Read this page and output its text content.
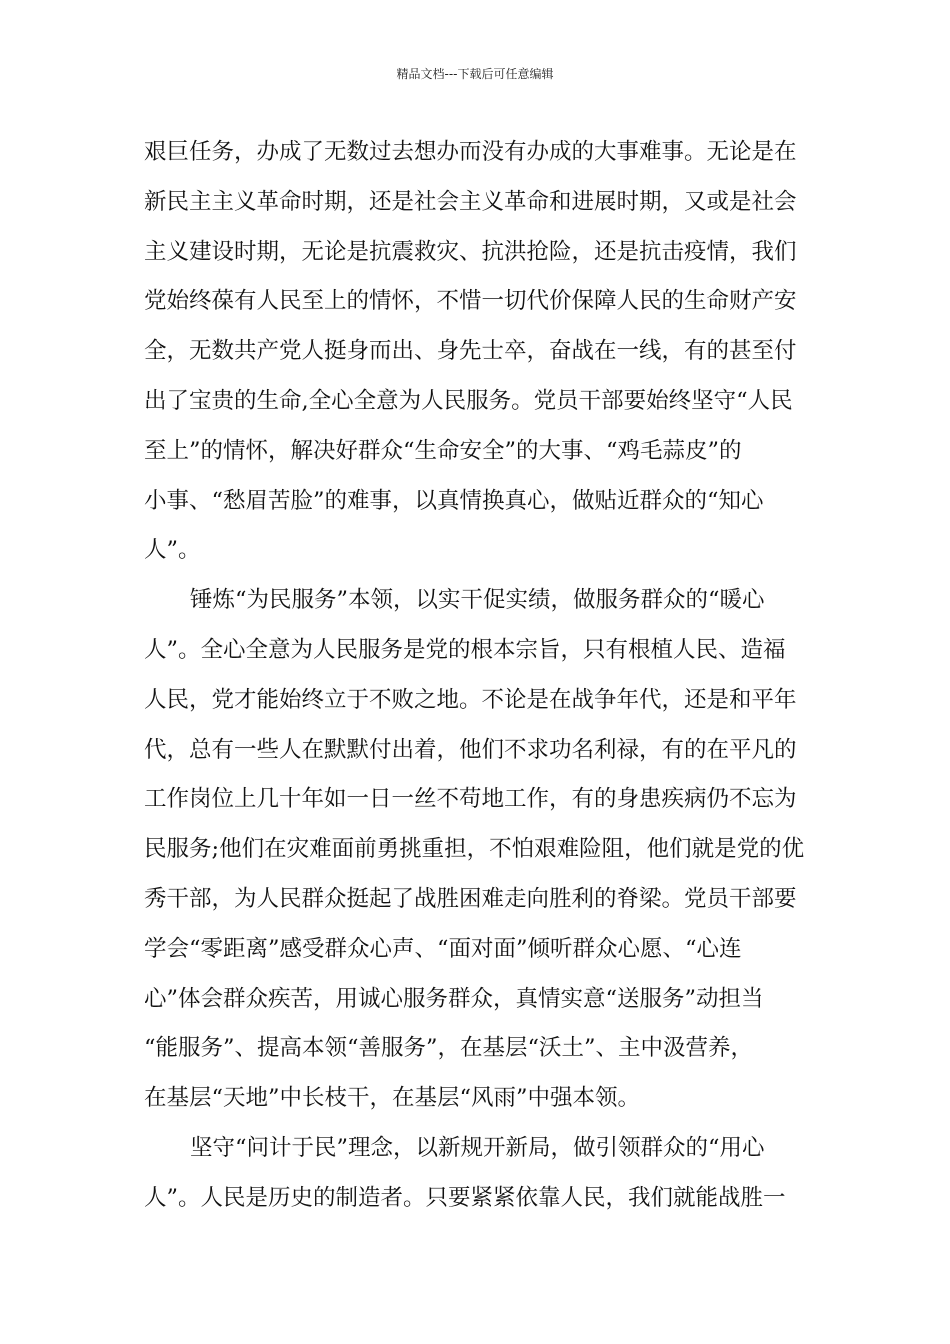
精品文档---下载后可任意编辑
艰巨任务，办成了无数过去想办而没有办成的大事难事。无论是在
新民主主义革命时期，还是社会主义革命和进展时期，又或是社会
主义建设时期，无论是抗震救灾、抗洪抢险，还是抗击疫情，我们
党始终葆有人民至上的情怀，不惜一切代价保障人民的生命财产安
全，无数共产党人挺身而出、身先士卒，奋战在一线，有的甚至付
出了宝贵的生命,全心全意为人民服务。党员干部要始终坚守“人民
至上”的情怀，解决好群众“生命安全”的大事、“鸡毛蒜皮”的
小事、“愁眉苦脸”的难事，以真情换真心，做贴近群众的“知心
人”。
锤炼“为民服务”本领，以实干促实绩，做服务群众的“暖心
人”。全心全意为人民服务是党的根本宗旨，只有根植人民、造福
人民，党才能始终立于不败之地。不论是在战争年代，还是和平年
代，总有一些人在默默付出着，他们不求功名利禄，有的在平凡的
工作岗位上几十年如一日一丝不苟地工作，有的身患疾病仍不忘为
民服务;他们在灾难面前勇挑重担，不怕艰难险阻，他们就是党的优
秀干部，为人民群众挺起了战胜困难走向胜利的脊梁。党员干部要
学会“零距离”感受群众心声、“面对面”倾听群众心愿、“心连
心”体会群众疾苦，用诚心服务群众，真情实意“送服务”动担当
“能服务”、提高本领“善服务”，在基层“沃土”、主中汲营养，
在基层“天地”中长枝干，在基层“风雨”中强本领。
坚守“问计于民”理念，以新规开新局，做引领群众的“用心
人”。人民是历史的制造者。只要紧紧依靠人民，我们就能战胜一
